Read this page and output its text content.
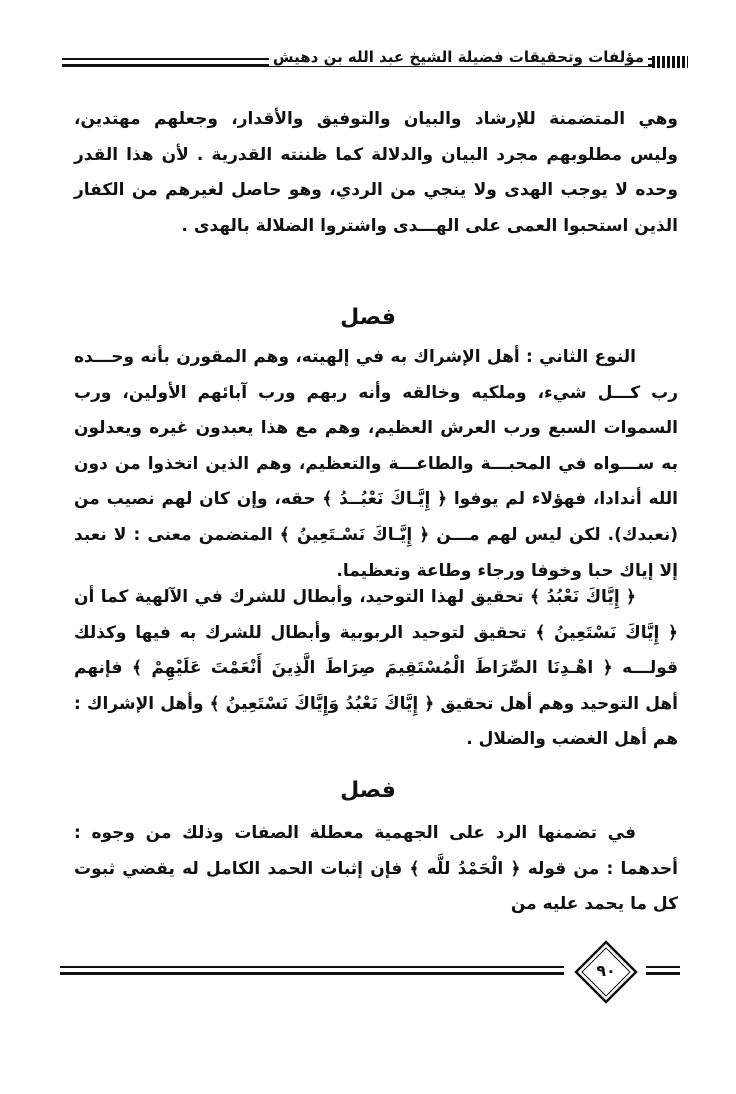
مؤلفات وتحقيقات فضيلة الشيخ عبد الله بن دهيش

وهي المتضمنة للإرشاد والبيان والتوفيق والأقدار، وجعلهم مهتدين، وليس مطلوبهم مجرد البيان والدلالة كما ظننته القدرية . لأن هذا القدر وحده لا يوجب الهدى ولا ينجي من الردي، وهو حاصل لغيرهم من الكفار الذين استحبوا العمى على الهـــدى واشتروا الضلالة بالهدى .

فصل

النوع الثاني : أهل الإشراك به في إلهيته، وهم المقورن بأنه وحـــده رب كـــل شيء، وملكيه وخالقه وأنه ربهم ورب آبائهم الأولين، ورب السموات السبع ورب العرش العظيم، وهم مع هذا يعبدون غيره ويعدلون به ســـواه في المحبـــة والطاعـــة والتعظيم، وهم الذين اتخذوا من دون الله أندادا، فهؤلاء لم يوفوا ﴿ إِيَّـاكَ نَعْبُــدُ ﴾ حقه، وإن كان لهم نصيب من (نعبدك). لكن ليس لهم مـــن ﴿ إِيَّـاكَ نَسْـتَعِينُ ﴾ المتضمن معنى : لا نعبد إلا إياك حبا وخوفا ورجاء وطاعة وتعظيما.

﴿ إِيَّاكَ نَعْبُدُ ﴾ تحقيق لهذا التوحيد، وأبطال للشرك في الآلهية كما أن ﴿ إِيَّاكَ نَسْتَعِينُ ﴾ تحقيق لتوحيد الربوبية وأبطال للشرك به فيها وكذلك قولـــه ﴿ اهْـدِنَا الصِّرَاطَ الْمُسْتَقِيمَ صِرَاطَ الَّذِينَ أَنْعَمْتَ عَلَيْهِمْ ﴾ فإنهم أهل التوحيد وهم أهل تحقيق ﴿ إِيَّاكَ نَعْبُدُ وَإِيَّاكَ نَسْتَعِينُ ﴾ وأهل الإشراك : هم أهل الغضب والضلال .

فصل

في تضمنها الرد على الجهمية معطلة الصفات وذلك من وجوه : أحدهما : من قوله ﴿ الْحَمْدُ للَّه ﴾ فإن إثبات الحمد الكامل له يقضي ثبوت كل ما يحمد عليه من

٩٠
